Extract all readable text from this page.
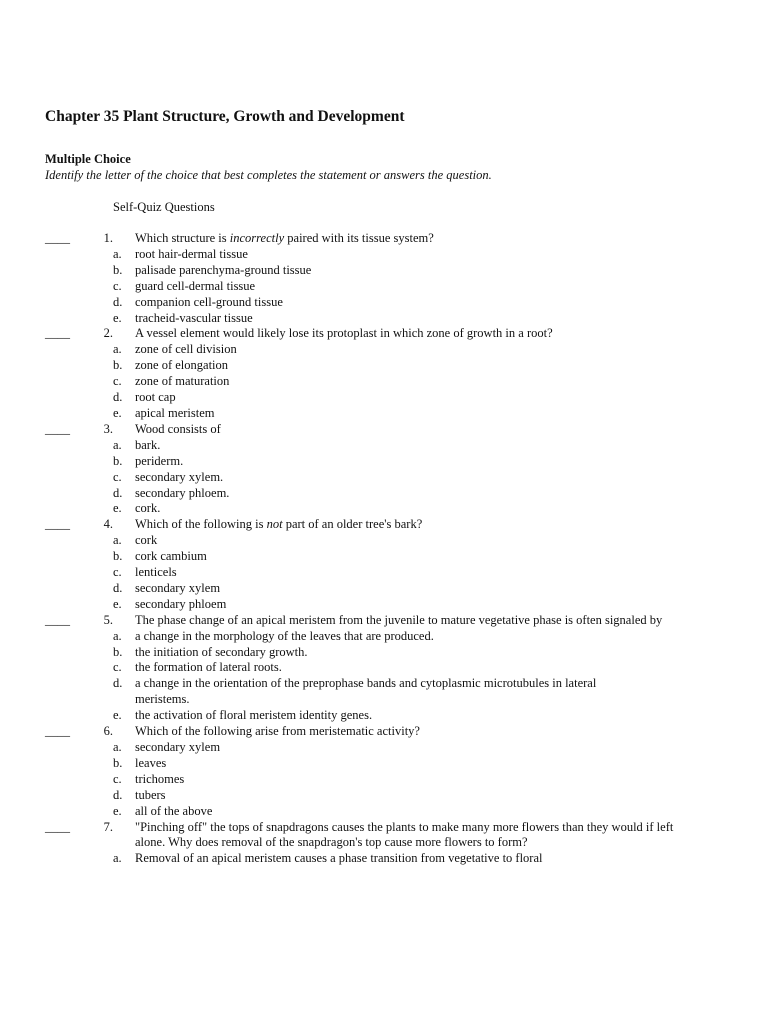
Chapter 35 Plant Structure, Growth and Development
Multiple Choice
Identify the letter of the choice that best completes the statement or answers the question.
Self-Quiz Questions
____	1.	Which structure is incorrectly paired with its tissue system?
a.	root hair-dermal tissue
b.	palisade parenchyma-ground tissue
c.	guard cell-dermal tissue
d.	companion cell-ground tissue
e.	tracheid-vascular tissue
____	2.	A vessel element would likely lose its protoplast in which zone of growth in a root?
a.	zone of cell division
b.	zone of elongation
c.	zone of maturation
d.	root cap
e.	apical meristem
____	3.	Wood consists of
a.	bark.
b.	periderm.
c.	secondary xylem.
d.	secondary phloem.
e.	cork.
____	4.	Which of the following is not part of an older tree's bark?
a.	cork
b.	cork cambium
c.	lenticels
d.	secondary xylem
e.	secondary phloem
____	5.	The phase change of an apical meristem from the juvenile to mature vegetative phase is often signaled by
a.	a change in the morphology of the leaves that are produced.
b.	the initiation of secondary growth.
c.	the formation of lateral roots.
d.	a change in the orientation of the preprophase bands and cytoplasmic microtubules in lateral meristems.
e.	the activation of floral meristem identity genes.
____	6.	Which of the following arise from meristematic activity?
a.	secondary xylem
b.	leaves
c.	trichomes
d.	tubers
e.	all of the above
____	7.	"Pinching off" the tops of snapdragons causes the plants to make many more flowers than they would if left alone. Why does removal of the snapdragon's top cause more flowers to form?
a.	Removal of an apical meristem causes a phase transition from vegetative to floral
